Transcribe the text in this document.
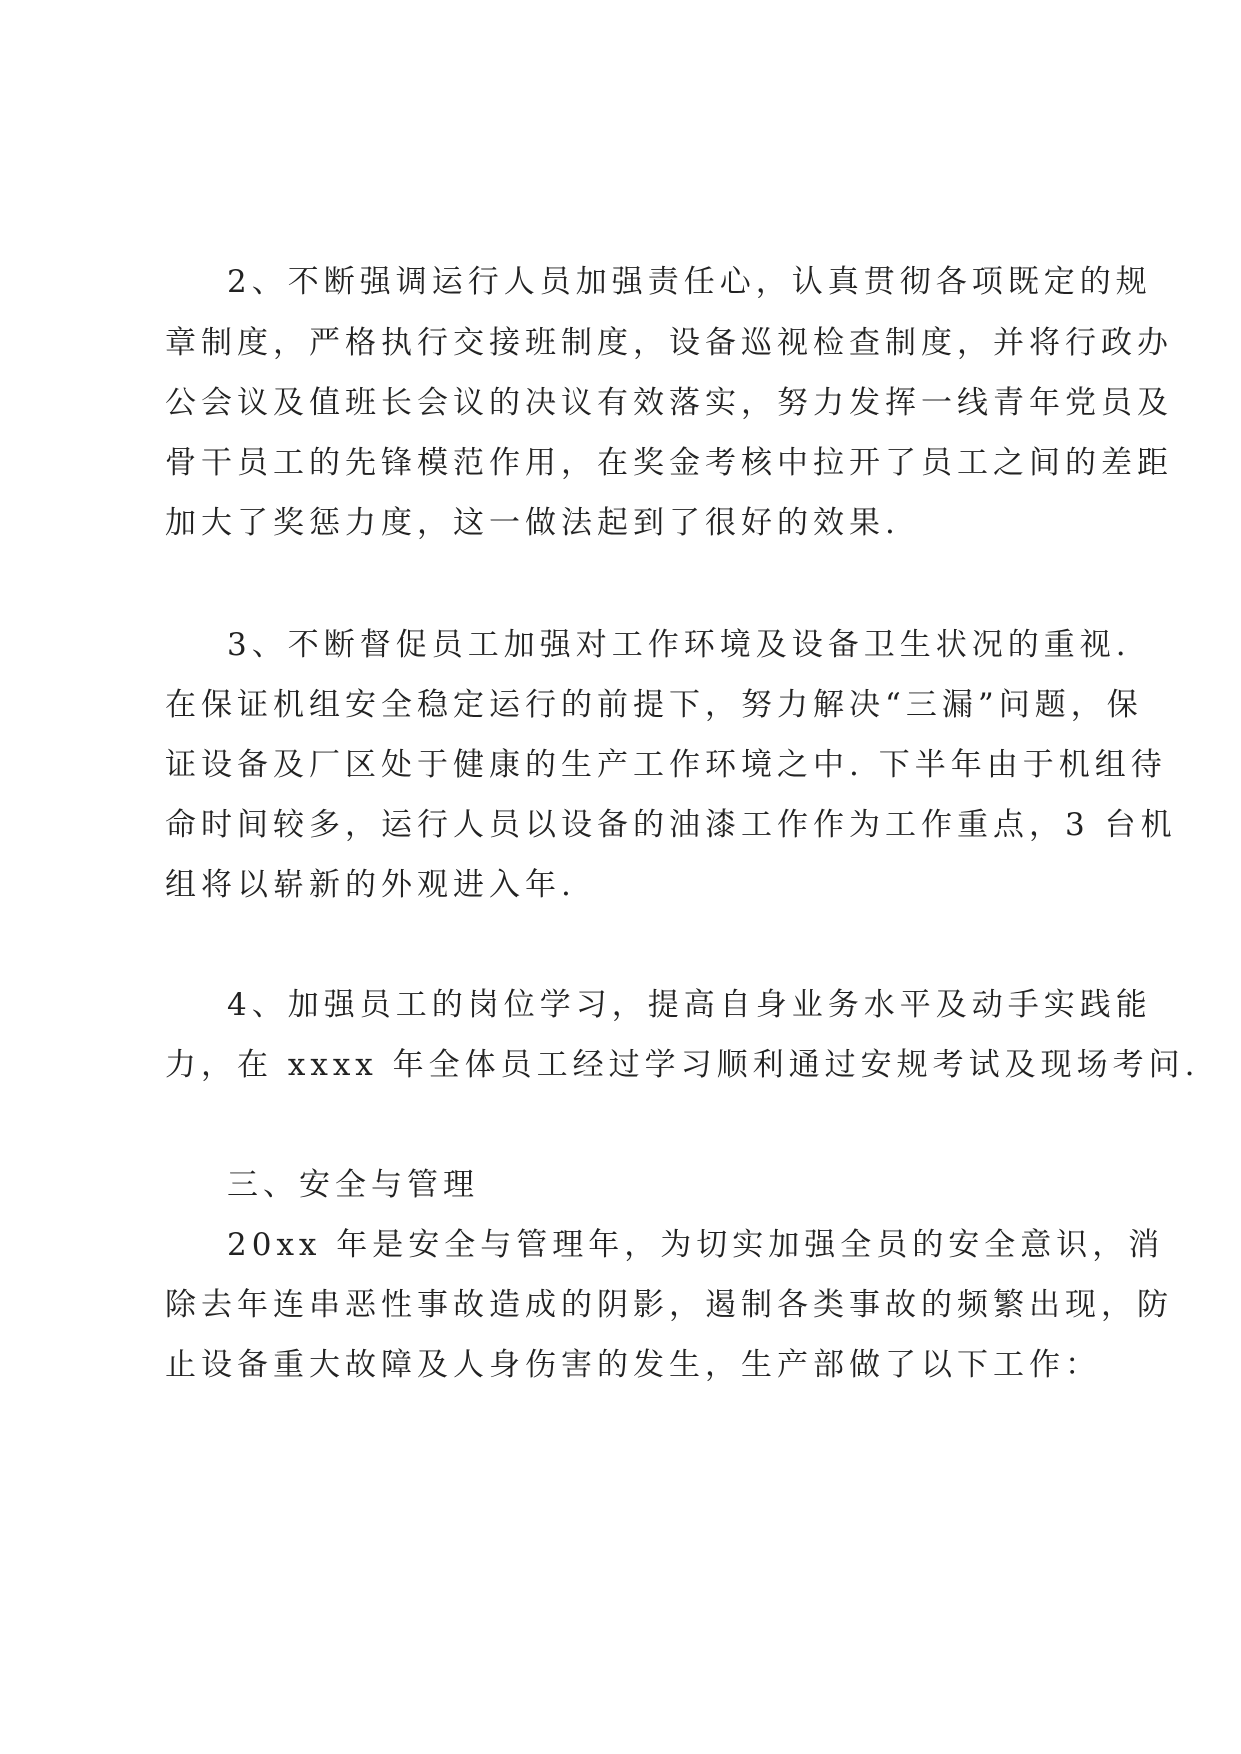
2、不断强调运行人员加强责任心，认真贯彻各项既定的规
章制度，严格执行交接班制度，设备巡视检查制度，并将行政办
公会议及值班长会议的决议有效落实，努力发挥一线青年党员及
骨干员工的先锋模范作用，在奖金考核中拉开了员工之间的差距
加大了奖惩力度，这一做法起到了很好的效果.
3、不断督促员工加强对工作环境及设备卫生状况的重视.
在保证机组安全稳定运行的前提下，努力解决“三漏”问题，保
证设备及厂区处于健康的生产工作环境之中. 下半年由于机组待
命时间较多，运行人员以设备的油漆工作作为工作重点，3 台机
组将以崭新的外观进入年.
4、加强员工的岗位学习，提高自身业务水平及动手实践能
力，在 xxxx 年全体员工经过学习顺利通过安规考试及现场考问.
三、安全与管理
20xx 年是安全与管理年，为切实加强全员的安全意识，消
除去年连串恶性事故造成的阴影，遏制各类事故的频繁出现，防
止设备重大故障及人身伤害的发生，生产部做了以下工作：
